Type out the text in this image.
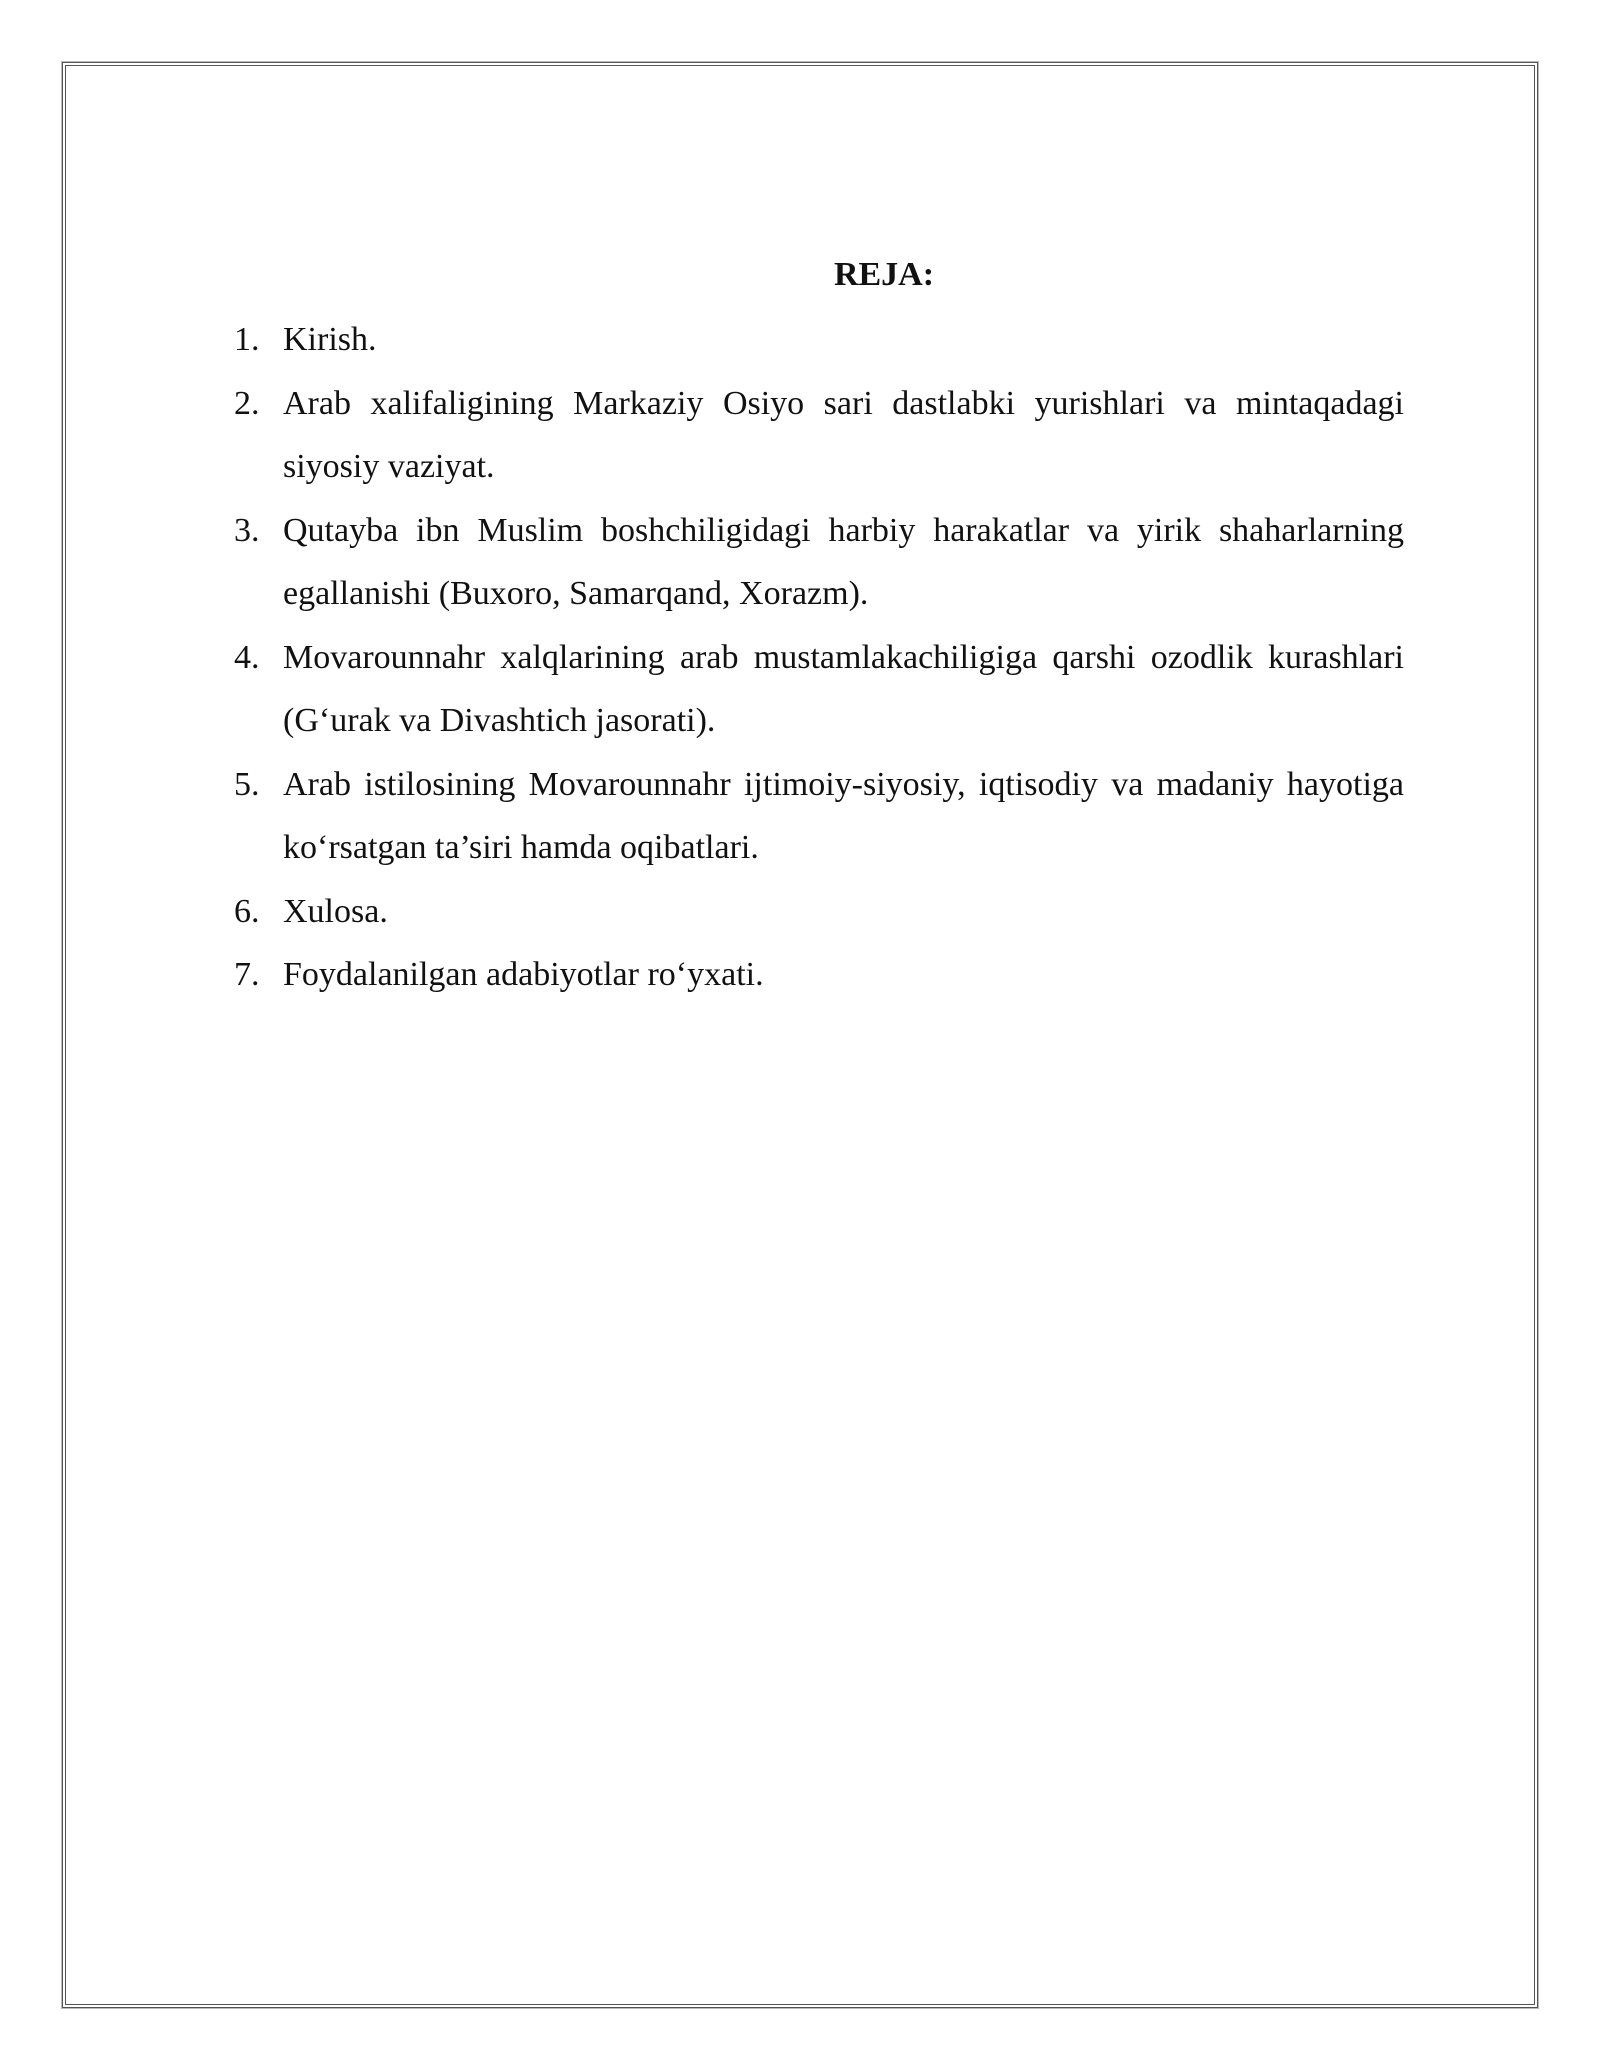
REJA:
1. Kirish.
2. Arab xalifaligining Markaziy Osiyo sari dastlabki yurishlari va mintaqadagi siyosiy vaziyat.
3. Qutayba ibn Muslim boshchiligidagi harbiy harakatlar va yirik shaharlarning egallanishi (Buxoro, Samarqand, Xorazm).
4. Movarounnahr xalqlarining arab mustamlakachiligiga qarshi ozodlik kurashlari (G‘urak va Divashtich jasorati).
5. Arab istilosining Movarounnahr ijtimoiy-siyosiy, iqtisodiy va madaniy hayotiga ko‘rsatgan ta’siri hamda oqibatlari.
6. Xulosa.
7. Foydalanilgan adabiyotlar ro‘yxati.
